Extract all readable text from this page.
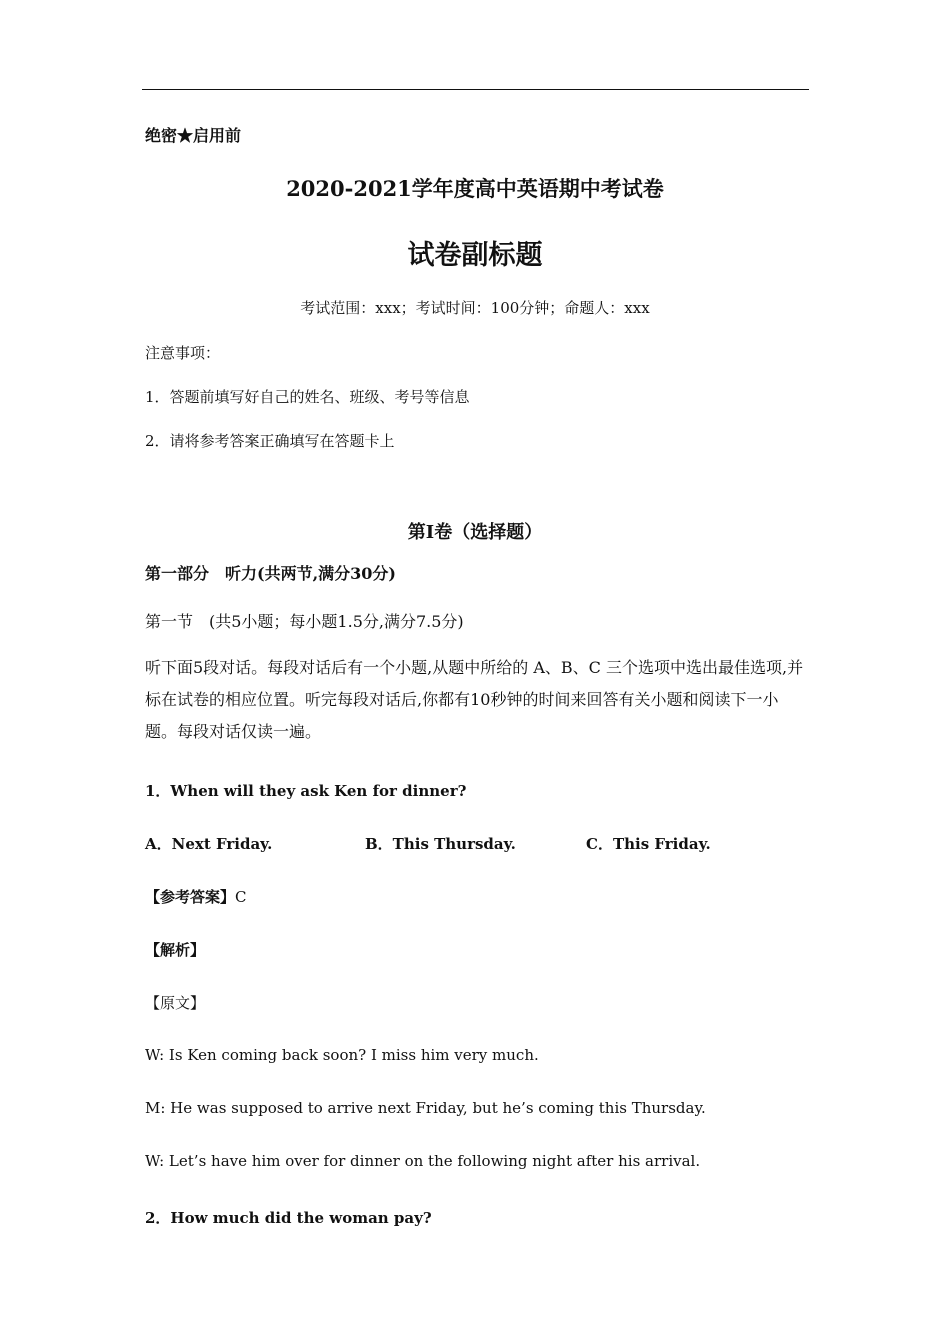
绝密★启用前
2020-2021学年度高中英语期中考试卷
试卷副标题
考试范围：xxx；考试时间：100分钟；命题人：xxx
注意事项：
1．答题前填写好自己的姓名、班级、考号等信息
2．请将参考答案正确填写在答题卡上
第I卷（选择题）
第一部分　听力(共两节,满分30分)
第一节　(共5小题；每小题1.5分,满分7.5分)
听下面5段对话。每段对话后有一个小题,从题中所给的 A、B、C 三个选项中选出最佳选项,并标在试卷的相应位置。听完每段对话后,你都有10秒钟的时间来回答有关小题和阅读下一小题。每段对话仅读一遍。
1．When will they ask Ken for dinner?
A．Next Friday.	B．This Thursday.	C．This Friday.
【参考答案】C
【解析】
【原文】
W: Is Ken coming back soon? I miss him very much.
M: He was supposed to arrive next Friday, but he’s coming this Thursday.
W: Let’s have him over for dinner on the following night after his arrival.
2．How much did the woman pay?
